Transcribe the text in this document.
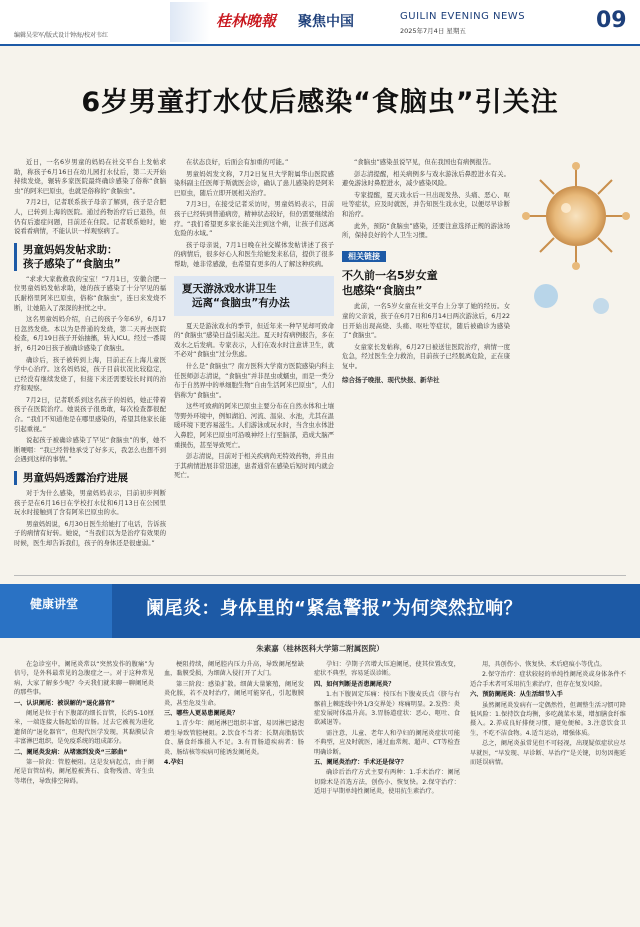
编辑吴荣军/版式设计钟海/校对韦红
桂林晚報 聚焦中国	GUILIN EVENING NEWS
2025年7月4日 星期五	09
6岁男童打水仗后感染“食脑虫”引关注

近日，一名6岁男童的妈妈在社交平台上发帖求助，称孩子6月16日在幼儿园打水仗后，第二天开始持续发烧，辗转多家医院最终确诊感染了俗称“食脑虫”的阿米巴原虫，也就是俗称的“食脑虫”。

7月2日，记者联系孩子母亲了解到，孩子是合肥人，已转到上海的医院。通过药物治疗后已退热，但仍有后遗症问题，目前还在住院。记者联系她时，她说看看病情，不能认识一样观察病了。

男童妈妈发帖求助：
孩子感染了“食脑虫”

“求求大家救救我的宝宝！”7月1日，安徽合肥一位男童妈妈发帖求助，她的孩子感染了十分罕见的福氏耐格里阿米巴原虫，俗称“食脑虫”，连日来发烧不断，让她陷入了深深的担忧之中。

这名男童妈妈介绍，自己的孩子今年6岁，6月17日忽然发烧。本以为是普通的发烧，第二天再去医院检查，6月19日孩子开始抽搐，转入ICU。经过一番周折，6月20日孩子被确诊感染了食脑虫。

确诊后，孩子被转到上海，目前正在上海儿童医学中心治疗。这名妈妈说，孩子目前状况比较稳定，已经没有继续发烧了，但接下来还需要较长时间的治疗和观察。

7月2日，记者联系到这名孩子的妈妈，她正带着孩子在医院治疗。她说孩子很勇敢，每次检查都很配合。“我们不知道他是在哪里感染的，希望其他家长能引起重视。”

说起孩子被确诊感染了罕见“食脑虫”的事，她不断哽咽：“我已经替他承受了好多天，我怎么也想不到会遇到这样的事情。”

男童妈妈透露治疗进展

对于为什么感染，男童妈妈表示，目前初步判断孩子是在6月16日在学校打水仗和6月13日在公园里玩水时接触到了含有阿米巴原虫的水。

男童妈妈说，6月30日医生给她打了电话，告诉孩子的病情有好转。她说，“当我们以为是治疗有效果的时候，医生却告诉我们，孩子的身体还是很虚弱。”

在状态良好，后面会有加重的可能。”

男童妈妈发文称，7月2日复旦大学附属华山医院感染科副主任医师于斯就医会诊，确认了患儿感染的是阿米巴原虫，随后立即开展相关治疗。

7月3日，在接受记者采访时，男童妈妈表示，目前孩子已经转到普通病房，精神状态较好，但仍需要继续治疗。“我们希望更多家长能关注到这个病，让孩子们远离危险的水域。”

孩子母亲说，7月1日晚在社交媒体发帖讲述了孩子的病情后，很多好心人和医生给她发来私信，提供了很多帮助，她非常感激，也希望有更多的人了解这种疾病。

夏天游泳戏水讲卫生
远离“食脑虫”有办法

夏天是游泳戏水的季节，但近年来一种罕见却可致命的“食脑虫”感染日益引起关注。夏天时有病例报告，多在戏水之后发病。专家表示，人们在戏水时注意讲卫生，就不必对“食脑虫”过分焦虑。

什么是“食脑虫”？南方医科大学南方医院感染内科主任医师彭志清说，“食脑虫”并非昆虫或蠕虫，而是一类分布于自然界中的单细胞生物“自由生活阿米巴原虫”，人们俗称为“食脑虫”。

这些可致病的阿米巴原虫主要分布在自然水体和土壤等野外环境中，例如湖泊、河流、温泉、水池，尤其在温暖环境下更容易滋生。人们游泳或玩水时，当含虫水体进入鼻腔，阿米巴原虫可沿嗅神经上行至脑部，造成大脑严重损伤，甚至导致死亡。

彭志清说，目前对于相关疾病尚无特效药物，并且由于其病情进展非常迅速，患者通常在感染后短时间内就会死亡。

“食脑虫”感染虽说罕见，但在我国也有病例报告。

彭志清提醒，相关病例多与戏水游泳后鼻腔进水有关。避免游泳时鼻腔进水，减少感染风险。

专家提醒，夏天戏水后一旦出现发热、头痛、恶心、呕吐等症状，应及时就医，并告知医生戏水史，以便尽早诊断和治疗。

此外，预防“食脑虫”感染，还要注意选择正规的游泳场所，保持良好的个人卫生习惯。

相关链接
不久前一名5岁女童
也感染“食脑虫”

此前，一名5岁女童在社交平台上分享了她的经历。女童的父亲说，孩子在6月7日和6月14日两次游泳后，6月22日开始出现高烧、头痛、呕吐等症状，随后被确诊为感染了“食脑虫”。

女童家长发帖称，6月27日被送往医院治疗，病情一度危急，经过医生全力救治，目前孩子已经脱离危险，正在康复中。

综合扬子晚报、现代快报、新华社
健康讲堂	阑尾炎：身体里的“紧急警报”为何突然拉响？
朱素嘉（桂林医科大学第二附属医院）

在急诊室中，阑尾炎常以“突然发作的腹痛”为信号，是外科最常见的急腹症之一。对于这种常见病，大家了解多少呢？今天我们就来聊一聊阑尾炎的那些事。

一、认识阑尾：被误解的“退化器官”

阑尾是位于右下腹部的细长盲管，长约5-10厘米，一端连接大肠起始的盲肠。过去它被视为进化遗留的“退化器官”，但现代医学发现，其黏膜层含丰富淋巴组织，是免疫系统的组成部分。

二、阑尾炎发病：从堵塞到发炎“三部曲”

第一阶段：管腔梗阻。这是发病起点，由于阑尾是盲管结构，阑尾腔被粪石、食物残渣、寄生虫等堵住，导致排空障碍。

梗阻持续，阑尾腔内压力升高，导致阑尾壁缺血，黏膜受损，为细菌入侵打开了大门。

第三阶段：感染扩散。细菌大量繁殖，阑尾发炎化脓，若不及时治疗，阑尾可能穿孔，引起腹膜炎，甚至危及生命。

三、哪些人更易患阑尾炎？

1.青少年：阑尾淋巴组织丰富，易因淋巴滤泡增生导致管腔梗阻。2.饮食不当者：长期高脂肪饮食、膳食纤维摄入不足。3.有胃肠道疾病者：肠炎、肠结核等疾病可能诱发阑尾炎。

4.孕妇

孕妇：孕期子宫增大压迫阑尾，使其位置改变，症状不典型，容易延误诊断。

四、如何判断是否患阑尾炎？

1.右下腹固定压痛：按压右下腹麦氏点（脐与右髂前上棘连线中外1/3交界处）疼痛明显。2.发热：炎症发展时体温升高。3.胃肠道症状：恶心、呕吐、食欲减退等。

需注意，儿童、老年人和孕妇的阑尾炎症状可能不典型，应及时就医，通过血常规、超声、CT等检查明确诊断。

五、阑尾炎治疗：手术还是保守？

确诊后治疗方式主要有两种：1.手术治疗：阑尾切除术是首选方法，创伤小、恢复快。2.保守治疗：适用于早期单纯性阑尾炎，使用抗生素治疗。

用，具创伤小、恢复快、术后疤痕小等优点。

2.保守治疗：症状较轻的单纯性阑尾炎或身体条件不适合手术者可采用抗生素治疗，但存在复发风险。

六、预防阑尾炎：从生活细节入手

虽然阑尾炎发病有一定偶然性，但调整生活习惯可降低风险：1.保持饮食均衡，多吃蔬菜水果，增加膳食纤维摄入。2.养成良好排便习惯，避免便秘。3.注意饮食卫生，不吃不洁食物。4.适当运动，增强体质。

总之，阑尾炎虽常见但不可轻视，出现疑似症状应尽早就医，“早发现、早诊断、早治疗”是关键，切勿因拖延而延误病情。
